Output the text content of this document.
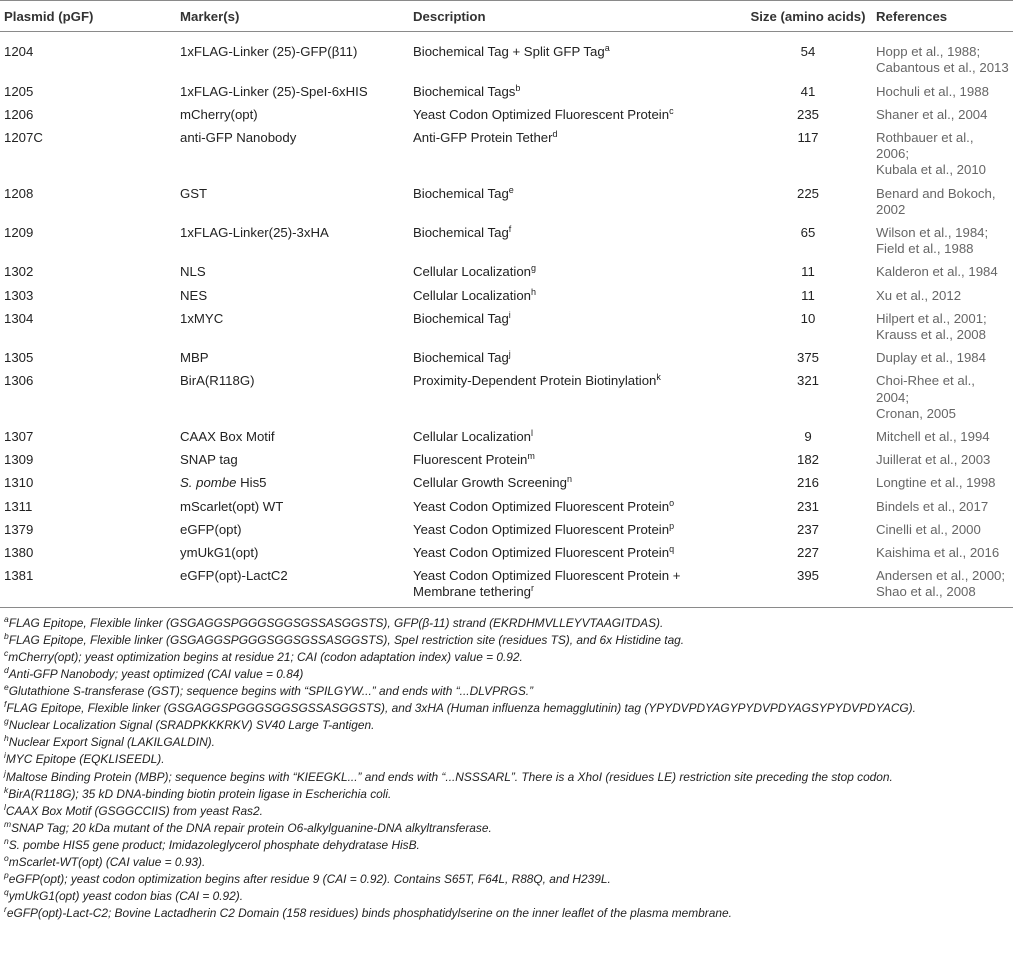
Plasmid (pGF)	Marker(s)	Description	Size (amino acids)	References
1204	1xFLAG-Linker (25)-GFP(β11)	Biochemical Tag + Split GFP Tag$^a$	54	Hopp et al., 1988;
Cabantous et al., 2013

1205	1xFLAG-Linker (25)-SpeI-6xHIS	Biochemical Tags$^b$	41	Hochuli et al., 1988

1206	mCherry(opt)	Yeast Codon Optimized Fluorescent Protein$^c$	235	Shaner et al., 2004

1207C	anti-GFP Nanobody	Anti-GFP Protein Tether$^d$	117	Rothbauer et al., 2006;
Kubala et al., 2010

1208	GST	Biochemical Tag$^e$	225	Benard and Bokoch,
2002

1209	1xFLAG-Linker(25)-3xHA	Biochemical Tag$^f$	65	Wilson et al., 1984;
Field et al., 1988

1302	NLS	Cellular Localization$^g$	11	Kalderon et al., 1984

1303	NES	Cellular Localization$^h$	11	Xu et al., 2012

1304	1xMYC	Biochemical Tag$^i$	10	Hilpert et al., 2001;
Krauss et al., 2008

1305	MBP	Biochemical Tag$^j$	375	Duplay et al., 1984

1306	BirA(R118G)	Proximity-Dependent Protein Biotinylation$^k$	321	Choi-Rhee et al., 2004;
Cronan, 2005

1307	CAAX Box Motif	Cellular Localization$^l$	9	Mitchell et al., 1994

1309	SNAP tag	Fluorescent Protein$^m$	182	Juillerat et al., 2003

1310	S. pombe His5	Cellular Growth Screening$^n$	216	Longtine et al., 1998

1311	mScarlet(opt) WT	Yeast Codon Optimized Fluorescent Protein$^o$	231	Bindels et al., 2017

1379	eGFP(opt)	Yeast Codon Optimized Fluorescent Protein$^p$	237	Cinelli et al., 2000

1380	ymUkG1(opt)	Yeast Codon Optimized Fluorescent Protein$^q$	227	Kaishima et al., 2016

1381	eGFP(opt)-LactC2	Yeast Codon Optimized Fluorescent Protein + Membrane tethering$^r$	395	Andersen et al., 2000;
Shao et al., 2008
$^a$FLAG Epitope, Flexible linker (GSGAGGSPGGGSGGSGSSASGGSTS), GFP(β-11) strand (EKRDHMVLLEYVTAAGITDAS).
$^b$FLAG Epitope, Flexible linker (GSGAGGSPGGGSGGSGSSASGGSTS), SpeI restriction site (residues TS), and 6x Histidine tag.
$^c$mCherry(opt); yeast optimization begins at residue 21; CAI (codon adaptation index) value = 0.92.
$^d$Anti-GFP Nanobody; yeast optimized (CAI value = 0.84)
$^e$Glutathione S-transferase (GST); sequence begins with “SPILGYW...” and ends with “...DLVPRGS.”
$^f$FLAG Epitope, Flexible linker (GSGAGGSPGGGSGGSGSSASGGSTS), and 3xHA (Human influenza hemagglutinin) tag (YPYDVPDYAGYPYDVPDYAGSYPYDVPDYACG).
$^g$Nuclear Localization Signal (SRADPKKKRKV) SV40 Large T-antigen.
$^h$Nuclear Export Signal (LAKILGALDIN).
$^i$MYC Epitope (EQKLISEEDL).
$^j$Maltose Binding Protein (MBP); sequence begins with “KIEEGKL...” and ends with “...NSSSARL”. There is a XhoI (residues LE) restriction site preceding the stop codon.
$^k$BirA(R118G); 35 kD DNA-binding biotin protein ligase in Escherichia coli.
$^l$CAAX Box Motif (GSGGCCIIS) from yeast Ras2.
$^m$SNAP Tag; 20 kDa mutant of the DNA repair protein O6-alkylguanine-DNA alkyltransferase.
$^n$S. pombe HIS5 gene product; Imidazoleglycerol phosphate dehydratase HisB.
$^o$mScarlet-WT(opt) (CAI value = 0.93).
$^p$eGFP(opt); yeast codon optimization begins after residue 9 (CAI = 0.92). Contains S65T, F64L, R88Q, and H239L.
$^q$ymUkG1(opt) yeast codon bias (CAI = 0.92).
$^r$eGFP(opt)-Lact-C2; Bovine Lactadherin C2 Domain (158 residues) binds phosphatidylserine on the inner leaflet of the plasma membrane.
